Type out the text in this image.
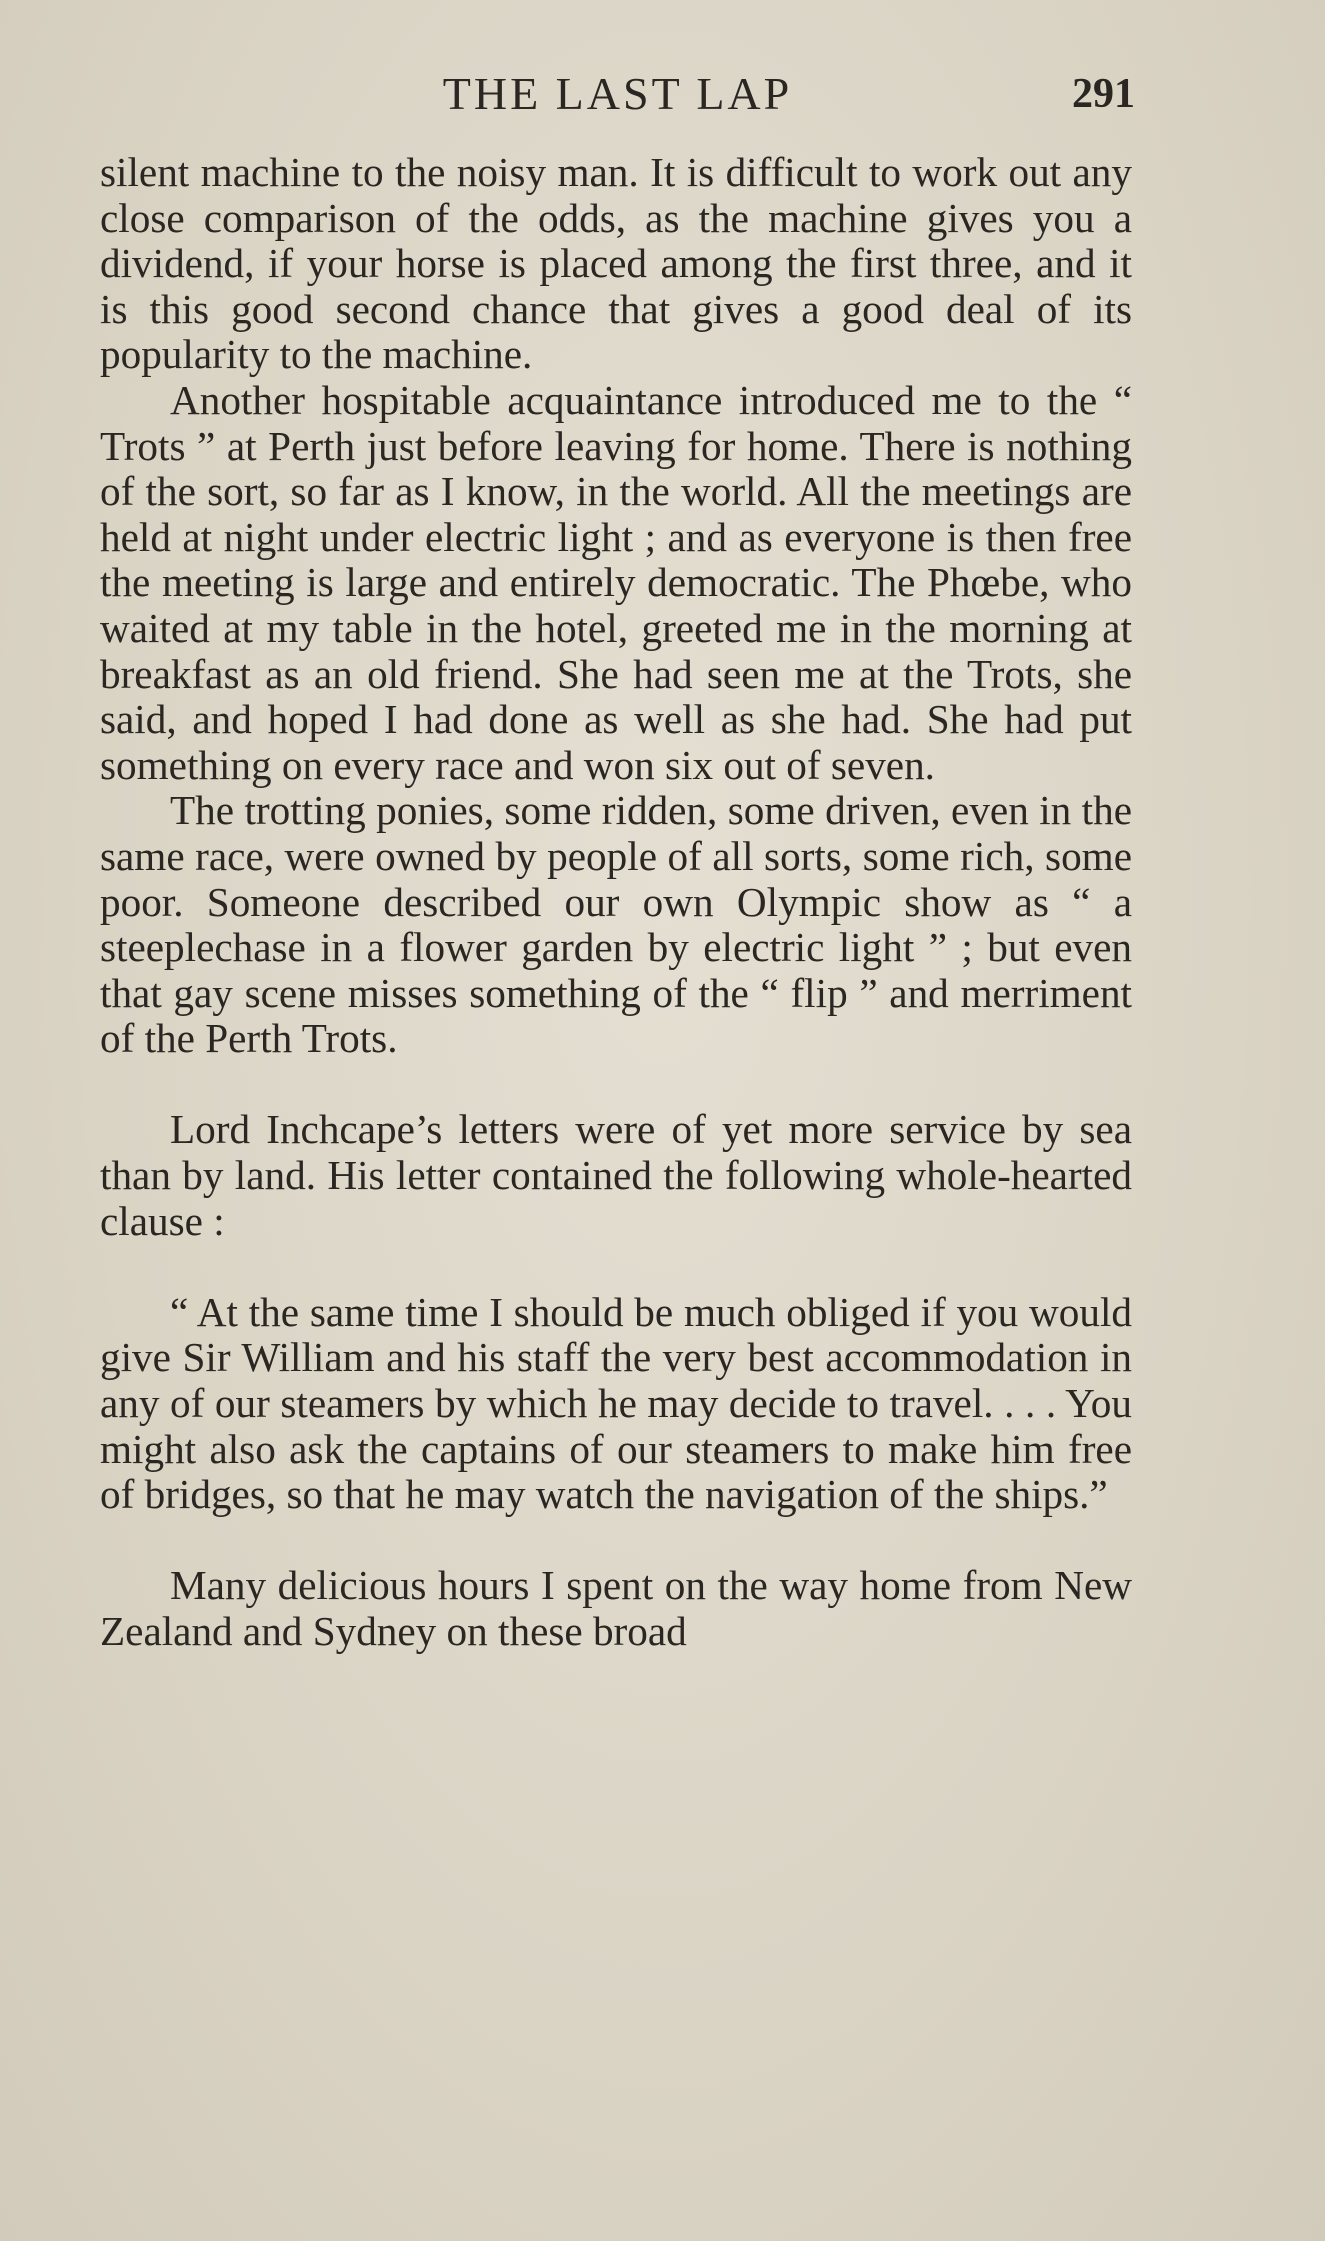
THE LAST LAP	291

silent machine to the noisy man. It is difficult to work out any close comparison of the odds, as the machine gives you a dividend, if your horse is placed among the first three, and it is this good second chance that gives a good deal of its popularity to the machine.

Another hospitable acquaintance introduced me to the “ Trots ” at Perth just before leaving for home. There is nothing of the sort, so far as I know, in the world. All the meetings are held at night under electric light ; and as everyone is then free the meeting is large and entirely democratic. The Phœbe, who waited at my table in the hotel, greeted me in the morning at breakfast as an old friend. She had seen me at the Trots, she said, and hoped I had done as well as she had. She had put something on every race and won six out of seven.

The trotting ponies, some ridden, some driven, even in the same race, were owned by people of all sorts, some rich, some poor. Someone described our own Olympic show as “ a steeplechase in a flower garden by electric light ” ; but even that gay scene misses something of the “ flip ” and merriment of the Perth Trots.

Lord Inchcape’s letters were of yet more service by sea than by land. His letter contained the following whole-hearted clause :

“ At the same time I should be much obliged if you would give Sir William and his staff the very best accommodation in any of our steamers by which he may decide to travel. . . . You might also ask the captains of our steamers to make him free of bridges, so that he may watch the navigation of the ships.”

Many delicious hours I spent on the way home from New Zealand and Sydney on these broad
